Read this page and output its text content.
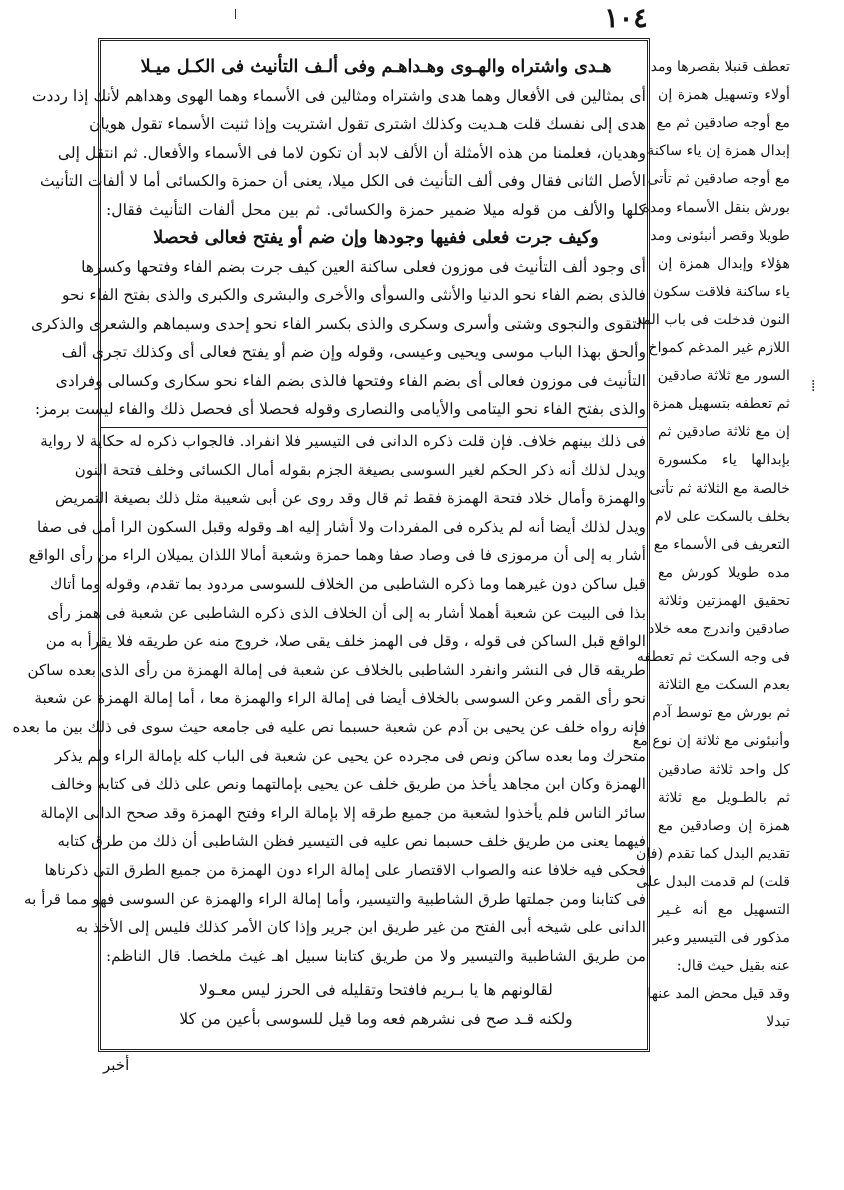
١٠٤
هـدى واشتراه والهـوى وهـداهـم وفى ألـف التأنيث فى الكـل ميـلا
أى بمثالين فى الأفعال وهما هدى واشتراه ومثالين فى الأسماء وهما الهوى وهداهم لأنك إذا رددت
هدى إلى نفسك قلت هـديت وكذلك اشترى تقول اشتريت وإذا ثنيت الأسماء تقول هويان
وهديان، فعلمنا من هذه الأمثلة أن الألف لابد أن تكون لاما فى الأسماء والأفعال. ثم انتقل إلى
الأصل الثانى فقال وفى ألف التأنيث فى الكل ميلا، يعنى أن حمزة والكسائى أما لا ألفات التأنيث
كلها والألف من قوله ميلا ضمير حمزة والكسائى. ثم بين محل ألفات التأنيث فقال:
وكيف جرت فعلى ففيها وجودها وإن ضم أو يفتح فعالى فحصلا
أى وجود ألف التأنيث فى موزون فعلى ساكنة العين كيف جرت بضم الفاء وفتحها وكسرها
فالذى بضم الفاء نحو الدنيا والأنثى والسوأى والأخرى والبشرى والكبرى والذى بفتح الفاء نحو
التقوى والنجوى وشتى وأسرى وسكرى والذى بكسر الفاء نحو إحدى وسيماهم والشعرى والذكرى
وألحق بهذا الباب موسى ويحيى وعيسى، وقوله وإن ضم أو يفتح فعالى أى وكذلك تجرى ألف
التأنيث فى موزون فعالى أى بضم الفاء وفتحها فالذى بضم الفاء نحو سكارى وكسالى وفرادى
والذى بفتح الفاء نحو اليتامى والأيامى والنصارى وقوله فحصلا أى فحصل ذلك والفاء ليست برمز:
فى ذلك بينهم خلاف. فإن قلت ذكره الدانى فى التيسير فلا انفراد. فالجواب ذكره له حكاية لا رواية
ويدل لذلك أنه ذكر الحكم لغير السوسى بصيغة الجزم بقوله أمال الكسائى وخلف فتحة النون
والهمزة وأمال خلاد فتحة الهمزة فقط ثم قال وقد روى عن أبى شعيبة مثل ذلك بصيغة التمريض
ويدل لذلك أيضا أنه لم يذكره فى المفردات ولا أشار إليه اهـ وقوله وقبل السكون الرا أمل فى صفا
أشار به إلى أن مرموزى فا فى وصاد صفا وهما حمزة وشعبة أمالا اللذان يميلان الراء من رأى الواقع
قبل ساكن دون غيرهما وما ذكره الشاطبى من الخلاف للسوسى مردود بما تقدم، وقوله وما أتاك
بذا فى البيت عن شعبة أهملا أشار به إلى أن الخلاف الذى ذكره الشاطبى عن شعبة فى همز رأى
الواقع قبل الساكن فى قوله ، وقل فى الهمز خلف يقى صلا، خروج منه عن طريقه فلا يقرأ به من
طريقه قال فى النشر وانفرد الشاطبى بالخلاف عن شعبة فى إمالة الهمزة من رأى الذى بعده ساكن
نحو رأى القمر وعن السوسى بالخلاف أيضا فى إمالة الراء والهمزة معا ، أما إمالة الهمزة عن شعبة
فإنه رواه خلف عن يحيى بن آدم عن شعبة حسبما نص عليه فى جامعه حيث سوى فى ذلك بين ما بعده
متحرك وما بعده ساكن ونص فى مجرده عن يحيى عن شعبة فى الباب كله بإمالة الراء ولم يذكر
الهمزة وكان ابن مجاهد يأخذ من طريق خلف عن يحيى بإمالتهما ونص على ذلك فى كتابه وخالف
سائر الناس فلم يأخذوا لشعبة من جميع طرقه إلا بإمالة الراء وفتح الهمزة وقد صحح الدانى الإمالة
فيهما يعنى من طريق خلف حسبما نص عليه فى التيسير فظن الشاطبى أن ذلك من طرق كتابه
فحكى فيه خلافا عنه والصواب الاقتصار على إمالة الراء دون الهمزة من جميع الطرق التى ذكرناها
فى كتابنا ومن جملتها طرق الشاطبية والتيسير، وأما إمالة الراء والهمزة عن السوسى فهو مما قرأ به
الدانى على شيخه أبى الفتح من غير طريق ابن جرير وإذا كان الأمر كذلك فليس إلى الأخذ به
من طريق الشاطبية والتيسير ولا من طريق كتابنا سبيل اهـ غيث ملخصا. قال الناظم:
لقالونهم ها يا بـريم فافتحا وتقليله فى الحرز ليس معـولا
ولكنه قـد صح فى نشرهم فعه وما قيل للسوسى بأعين من كلا
تعطف قنبلا بقصرها ومد
أولاء وتسهيل همزة إن
مع أوجه صادقين ثم مع
إبدال همزة إن ياء ساكنة
مع أوجه صادقين ثم تأتى
بورش بنقل الأسماء ومده
طويلا وقصر أنبئونى ومد
هؤلاء وإبدال همزة إن
ياء ساكنة فلاقت سكون
النون فدخلت فى باب المد
اللازم غير المدغم كمواخ
السور مع ثلاثة صادقين
ثم تعطفه بتسهيل همزة
إن مع ثلاثة صادقين ثم
بإبدالها ياء مكسورة
خالصة مع الثلاثة ثم تأتى
بخلف بالسكت على لام
التعريف فى الأسماء مع
مده طويلا كورش مع
تحقيق الهمزتين وثلاثة
صادقين واندرج معه خلاد
فى وجه السكت ثم تعطفه
بعدم السكت مع الثلاثة
ثم بورش مع توسط آدم
وأنبئونى مع ثلاثة إن نوع مع
كل واحد ثلاثة صادقين
ثم بالطـويل مع ثلاثة
همزة إن وصادقين مع
تقديم البدل كما تقدم (فإن
قلت) لم قدمت البدل على
التسهيل مع أنه غـير
مذكور فى التيسير وعبر
عنه بقيل حيث قال:
وقد قيل محض المد عنها
تبدلا
⁞
أخبر
